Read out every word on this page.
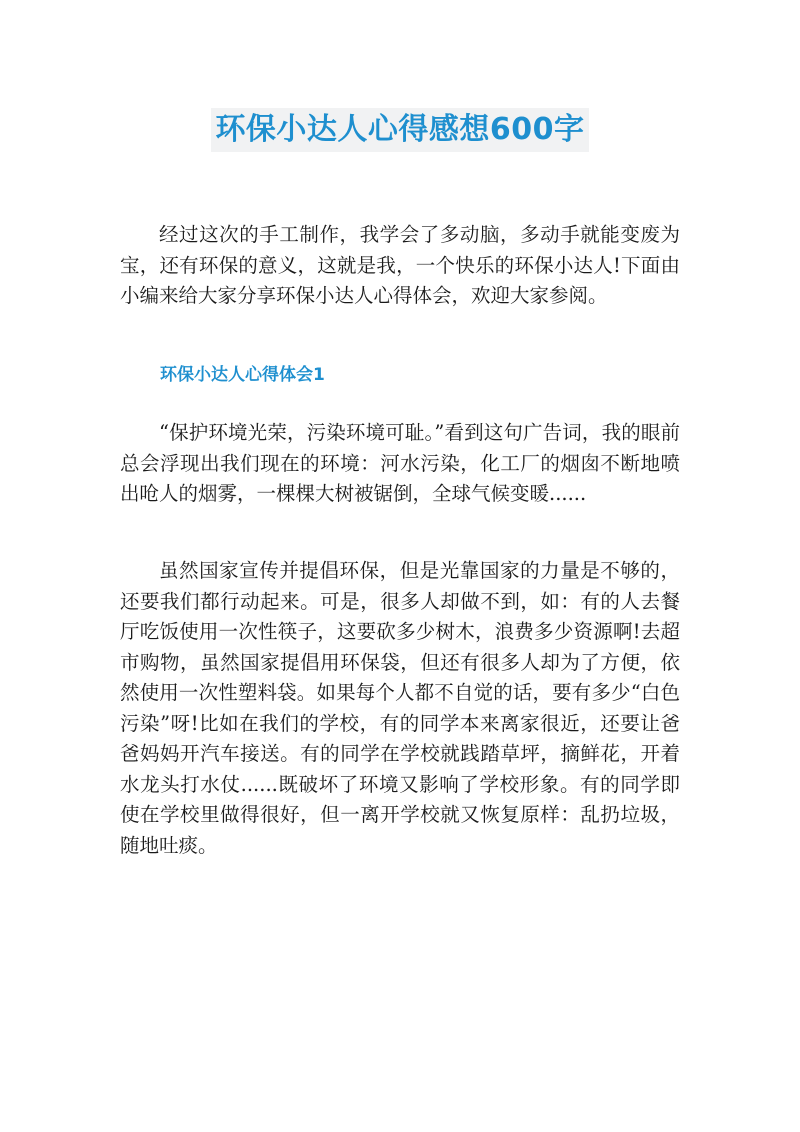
环保小达人心得感想600字

经过这次的手工制作，我学会了多动脑，多动手就能变废为宝，还有环保的意义，这就是我，一个快乐的环保小达人!下面由小编来给大家分享环保小达人心得体会，欢迎大家参阅。

环保小达人心得体会1

“保护环境光荣，污染环境可耻。”看到这句广告词，我的眼前总会浮现出我们现在的环境：河水污染，化工厂的烟囱不断地喷出呛人的烟雾，一棵棵大树被锯倒，全球气候变暖......

虽然国家宣传并提倡环保，但是光靠国家的力量是不够的，还要我们都行动起来。可是，很多人却做不到，如：有的人去餐厅吃饭使用一次性筷子，这要砍多少树木，浪费多少资源啊!去超市购物，虽然国家提倡用环保袋，但还有很多人却为了方便，依然使用一次性塑料袋。如果每个人都不自觉的话，要有多少“白色污染”呀!比如在我们的学校，有的同学本来离家很近，还要让爸爸妈妈开汽车接送。有的同学在学校就践踏草坪，摘鲜花，开着水龙头打水仗......既破坏了环境又影响了学校形象。有的同学即使在学校里做得很好，但一离开学校就又恢复原样：乱扔垃圾，随地吐痰。
